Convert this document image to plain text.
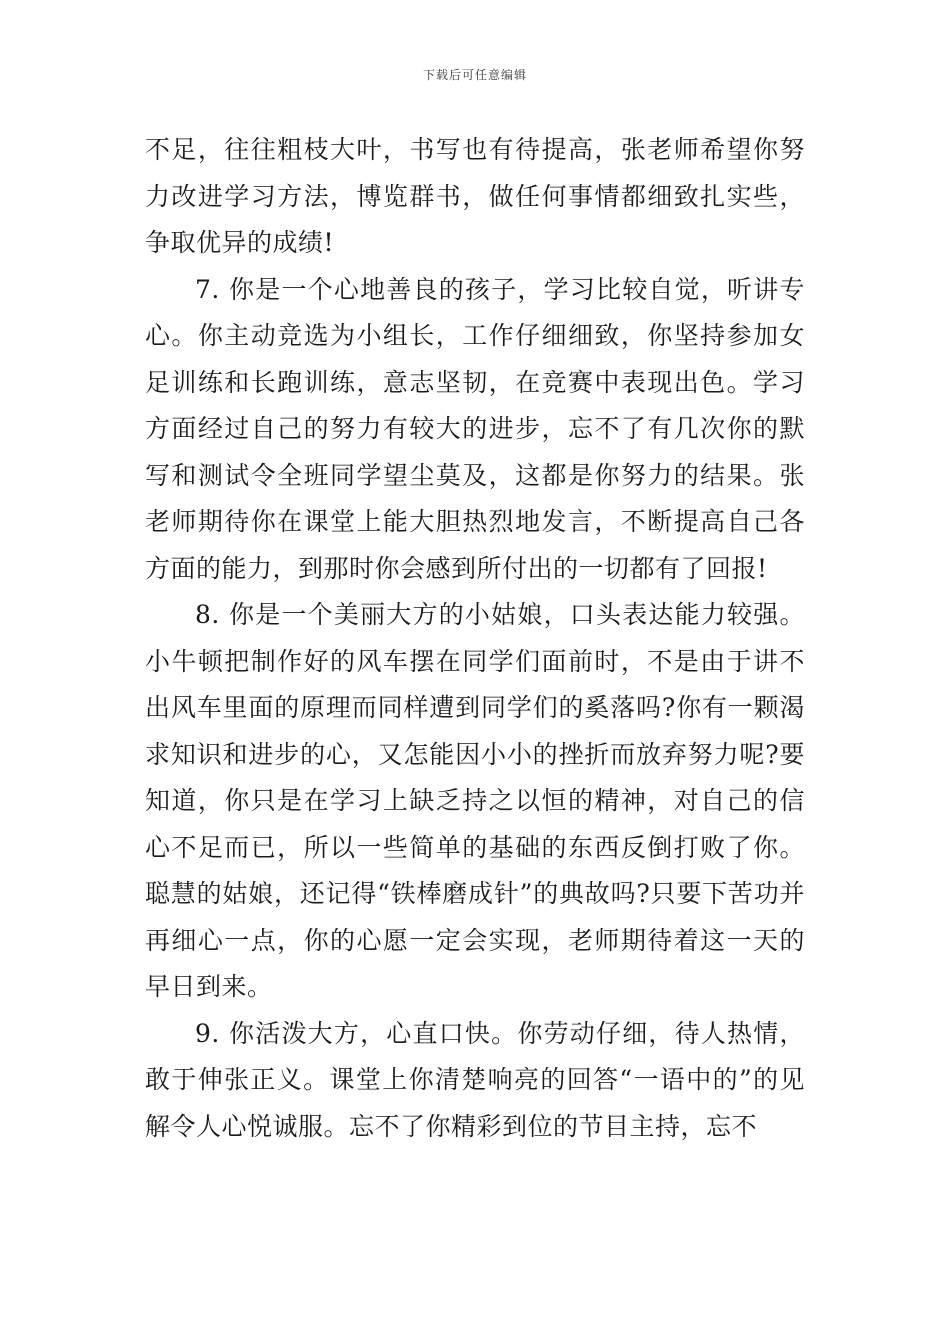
下载后可任意编辑

不足，往往粗枝大叶，书写也有待提高，张老师希望你努力改进学习方法，博览群书，做任何事情都细致扎实些，争取优异的成绩!

7. 你是一个心地善良的孩子，学习比较自觉，听讲专心。你主动竞选为小组长，工作仔细细致，你坚持参加女足训练和长跑训练，意志坚韧，在竞赛中表现出色。学习方面经过自己的努力有较大的进步，忘不了有几次你的默写和测试令全班同学望尘莫及，这都是你努力的结果。张老师期待你在课堂上能大胆热烈地发言，不断提高自己各方面的能力，到那时你会感到所付出的一切都有了回报!

8. 你是一个美丽大方的小姑娘，口头表达能力较强。小牛顿把制作好的风车摆在同学们面前时，不是由于讲不出风车里面的原理而同样遭到同学们的奚落吗?你有一颗渴求知识和进步的心，又怎能因小小的挫折而放弃努力呢?要知道，你只是在学习上缺乏持之以恒的精神，对自己的信心不足而已，所以一些简单的基础的东西反倒打败了你。聪慧的姑娘，还记得“铁棒磨成针”的典故吗?只要下苦功并再细心一点，你的心愿一定会实现，老师期待着这一天的早日到来。

9. 你活泼大方，心直口快。你劳动仔细，待人热情，敢于伸张正义。课堂上你清楚响亮的回答“一语中的”的见解令人心悦诚服。忘不了你精彩到位的节目主持，忘不
